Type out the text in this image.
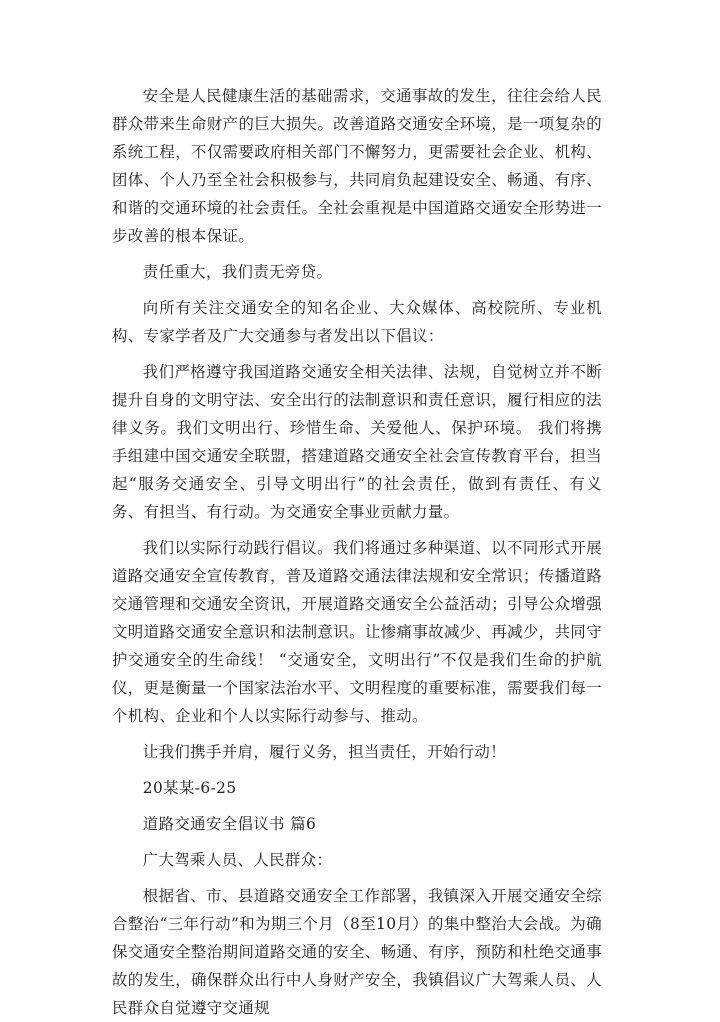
安全是人民健康生活的基础需求，交通事故的发生，往往会给人民群众带来生命财产的巨大损失。改善道路交通安全环境，是一项复杂的系统工程，不仅需要政府相关部门不懈努力，更需要社会企业、机构、团体、个人乃至全社会积极参与，共同肩负起建设安全、畅通、有序、和谐的交通环境的社会责任。全社会重视是中国道路交通安全形势进一步改善的根本保证。

责任重大，我们责无旁贷。

向所有关注交通安全的知名企业、大众媒体、高校院所、专业机构、专家学者及广大交通参与者发出以下倡议：

我们严格遵守我国道路交通安全相关法律、法规，自觉树立并不断提升自身的文明守法、安全出行的法制意识和责任意识，履行相应的法律义务。我们文明出行、珍惜生命、关爱他人、保护环境。 我们将携手组建中国交通安全联盟，搭建道路交通安全社会宣传教育平台，担当起“服务交通安全、引导文明出行”的社会责任，做到有责任、有义务、有担当、有行动。为交通安全事业贡献力量。

我们以实际行动践行倡议。我们将通过多种渠道、以不同形式开展道路交通安全宣传教育，普及道路交通法律法规和安全常识；传播道路交通管理和交通安全资讯，开展道路交通安全公益活动；引导公众增强文明道路交通安全意识和法制意识。让惨痛事故减少、再减少，共同守护交通安全的生命线！ “交通安全，文明出行”不仅是我们生命的护航仪，更是衡量一个国家法治水平、文明程度的重要标准，需要我们每一个机构、企业和个人以实际行动参与、推动。

让我们携手并肩，履行义务，担当责任，开始行动！

20某某-6-25

道路交通安全倡议书 篇6

广大驾乘人员、人民群众：

根据省、市、县道路交通安全工作部署，我镇深入开展交通安全综合整治“三年行动”和为期三个月（8至10月）的集中整治大会战。为确保交通安全整治期间道路交通的安全、畅通、有序，预防和杜绝交通事故的发生，确保群众出行中人身财产安全，我镇倡议广大驾乘人员、人民群众自觉遵守交通规
